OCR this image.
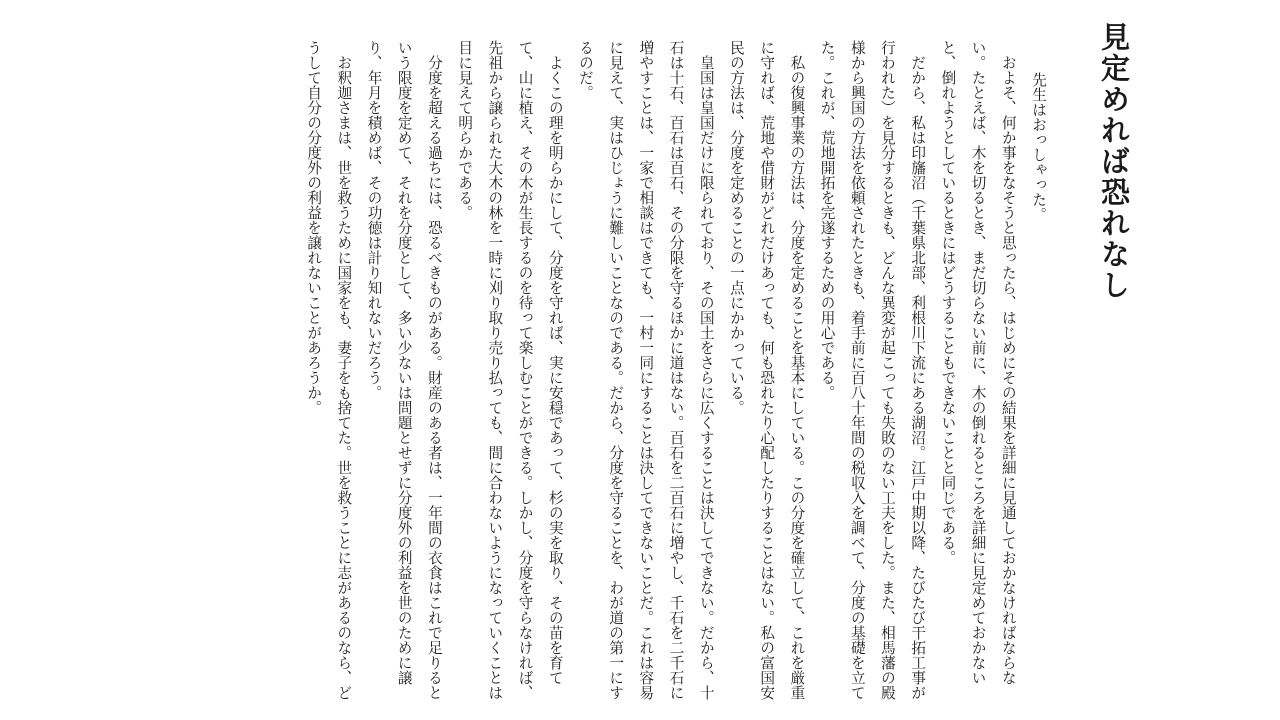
見定めれば恐れなし

先生はおっしゃった。

およそ、何か事をなそうと思ったら、はじめにその結果を詳細に見通しておかなければならない。たとえば、木を切るとき、まだ切らない前に、木の倒れるところを詳細に見定めておかないと、倒れようとしているときにはどうすることもできないことと同じである。

だから、私は印旛沼（千葉県北部、利根川下流にある湖沼。江戸中期以降、たびたび干拓工事が行われた）を見分するときも、どんな異変が起こっても失敗のない工夫をした。また、相馬藩の殿様から興国の方法を依頼されたときも、着手前に百八十年間の税収入を調べて、分度の基礎を立てた。これが、荒地開拓を完遂するための用心である。

私の復興事業の方法は、分度を定めることを基本にしている。この分度を確立して、これを厳重に守れば、荒地や借財がどれだけあっても、何も恐れたり心配したりすることはない。私の富国安民の方法は、分度を定めることの一点にかかっている。

皇国は皇国だけに限られており、その国土をさらに広くすることは決してできない。だから、十石は十石、百石は百石、その分限を守るほかに道はない。百石を二百石に増やし、千石を二千石に増やすことは、一家で相談はできても、一村一同にすることは決してできないことだ。これは容易に見えて、実はひじょうに難しいことなのである。だから、分度を守ることを、わが道の第一にするのだ。

よくこの理を明らかにして、分度を守れば、実に安穏であって、杉の実を取り、その苗を育てて、山に植え、その木が生長するのを待って楽しむことができる。しかし、分度を守らなければ、先祖から譲られた大木の林を一時に刈り取り売り払っても、間に合わないようになっていくことは目に見えて明らかである。

分度を超える過ちには、恐るべきものがある。財産のある者は、一年間の衣食はこれで足りるという限度を定めて、それを分度として、多い少ないは問題とせずに分度外の利益を世のために譲り、年月を積めば、その功徳は計り知れないだろう。

お釈迦さまは、世を救うために国家をも、妻子をも捨てた。世を救うことに志があるのなら、どうして自分の分度外の利益を譲れないことがあろうか。
